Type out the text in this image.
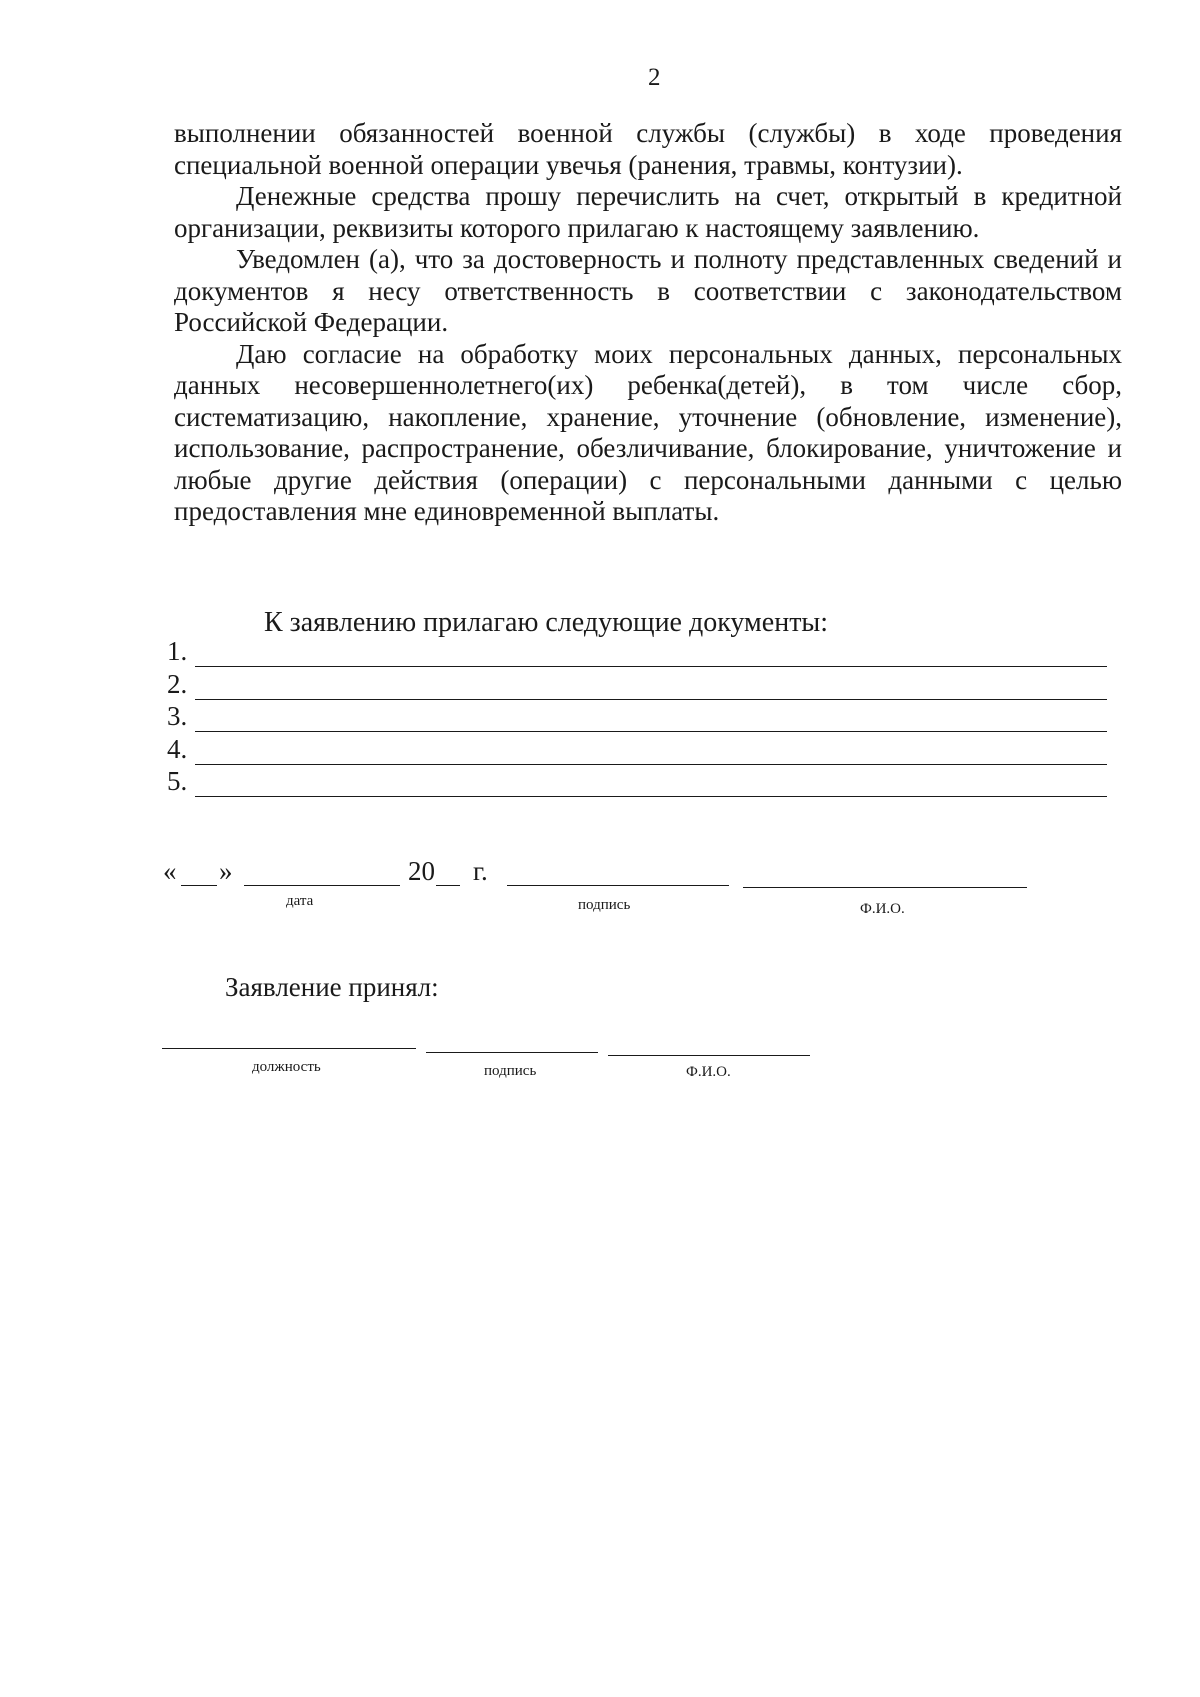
2

выполнении обязанностей военной службы (службы) в ходе проведения специальной военной операции увечья (ранения, травмы, контузии).

Денежные средства прошу перечислить на счет, открытый в кредитной организации, реквизиты которого прилагаю к настоящему заявлению.

Уведомлен (а), что за достоверность и полноту представленных сведений и документов я несу ответственность в соответствии с законодательством Российской Федерации.

Даю согласие на обработку моих персональных данных, персональных данных несовершеннолетнего(их) ребенка(детей), в том числе сбор, систематизацию, накопление, хранение, уточнение (обновление, изменение), использование, распространение, обезличивание, блокирование, уничтожение и любые другие действия (операции) с персональными данными с целью предоставления мне единовременной выплаты.

К заявлению прилагаю следующие документы:
1.
2.
3.
4.
5.
« »	20 г.
дата	подпись	Ф.И.О.
Заявление принял:
должность	подпись	Ф.И.О.
